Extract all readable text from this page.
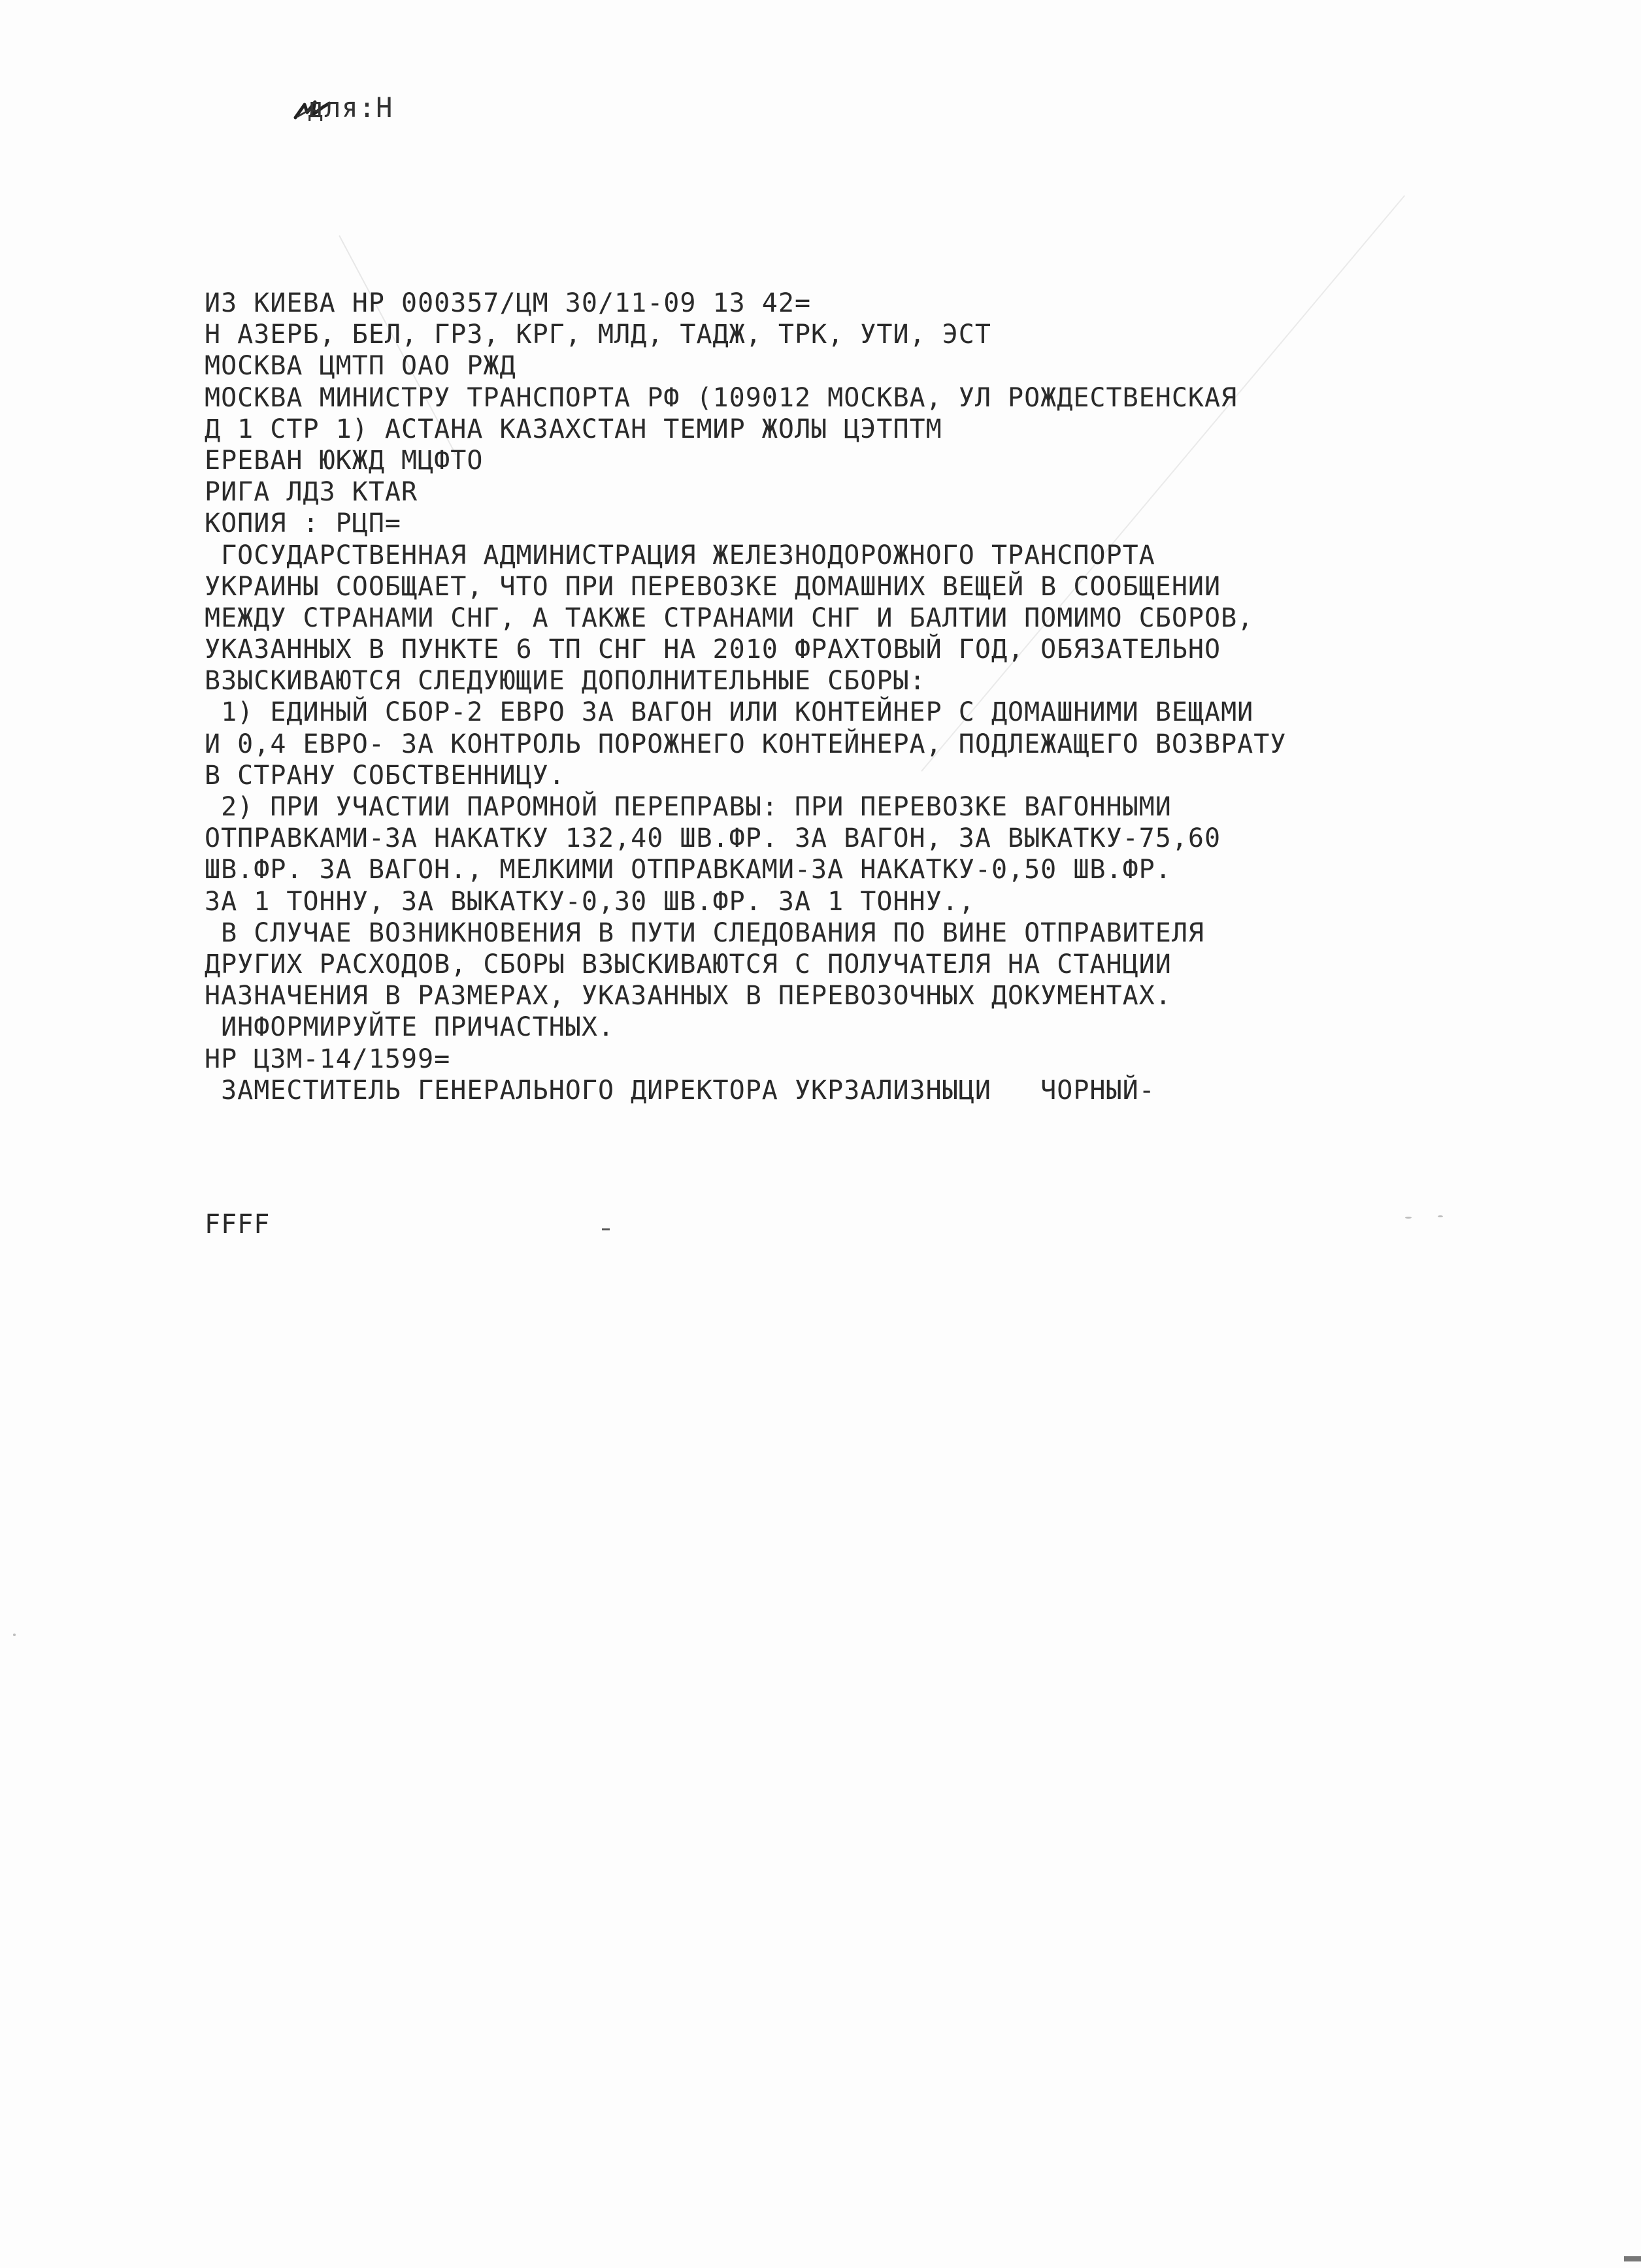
для:Н
ИЗ КИЕВА НР 000357/ЦМ 30/11-09 13 42=
Н АЗЕРБ, БЕЛ, ГРЗ, КРГ, МЛД, ТАДЖ, ТРК, УТИ, ЭСТ
МОСКВА ЦМТП ОАО РЖД
МОСКВА МИНИСТРУ ТРАНСПОРТА РФ (109012 МОСКВА, УЛ РОЖДЕСТВЕНСКАЯ
Д 1 СТР 1) АСТАНА КАЗАХСТАН ТЕМИР ЖОЛЫ ЦЭТПТМ
ЕРЕВАН ЮКЖД МЦФТО
РИГА ЛДЗ КТАR
КОПИЯ : РЦП=
ГОСУДАРСТВЕННАЯ АДМИНИСТРАЦИЯ ЖЕЛЕЗНОДОРОЖНОГО ТРАНСПОРТА
УКРАИНЫ СООБЩАЕТ, ЧТО ПРИ ПЕРЕВОЗКЕ ДОМАШНИХ ВЕЩЕЙ В СООБЩЕНИИ
МЕЖДУ СТРАНАМИ СНГ, А ТАКЖЕ СТРАНАМИ СНГ И БАЛТИИ ПОМИМО СБОРОВ,
УКАЗАННЫХ В ПУНКТЕ 6 ТП СНГ НА 2010 ФРАХТОВЫЙ ГОД, ОБЯЗАТЕЛЬНО
ВЗЫСКИВАЮТСЯ СЛЕДУЮЩИЕ ДОПОЛНИТЕЛЬНЫЕ СБОРЫ:
1) ЕДИНЫЙ СБОР-2 ЕВРО ЗА ВАГОН ИЛИ КОНТЕЙНЕР С ДОМАШНИМИ ВЕЩАМИ
И 0,4 ЕВРО- ЗА КОНТРОЛЬ ПОРОЖНЕГО КОНТЕЙНЕРА, ПОДЛЕЖАЩЕГО ВОЗВРАТУ
В СТРАНУ СОБСТВЕННИЦУ.
2) ПРИ УЧАСТИИ ПАРОМНОЙ ПЕРЕПРАВЫ: ПРИ ПЕРЕВОЗКЕ ВАГОННЫМИ
ОТПРАВКАМИ-ЗА НАКАТКУ 132,40 ШВ.ФР. ЗА ВАГОН, ЗА ВЫКАТКУ-75,60
ШВ.ФР. ЗА ВАГОН., МЕЛКИМИ ОТПРАВКАМИ-ЗА НАКАТКУ-0,50 ШВ.ФР.
ЗА 1 ТОННУ, ЗА ВЫКАТКУ-0,30 ШВ.ФР. ЗА 1 ТОННУ.,
В СЛУЧАЕ ВОЗНИКНОВЕНИЯ В ПУТИ СЛЕДОВАНИЯ ПО ВИНЕ ОТПРАВИТЕЛЯ
ДРУГИХ РАСХОДОВ, СБОРЫ ВЗЫСКИВАЮТСЯ С ПОЛУЧАТЕЛЯ НА СТАНЦИИ
НАЗНАЧЕНИЯ В РАЗМЕРАХ, УКАЗАННЫХ В ПЕРЕВОЗОЧНЫХ ДОКУМЕНТАХ.
ИНФОРМИРУЙТЕ ПРИЧАСТНЫХ.
НР ЦЗМ-14/1599=
ЗАМЕСТИТЕЛЬ ГЕНЕРАЛЬНОГО ДИРЕКТОРА УКРЗАЛИЗНЫЦИ   ЧОРНЫЙ-
FFFF
